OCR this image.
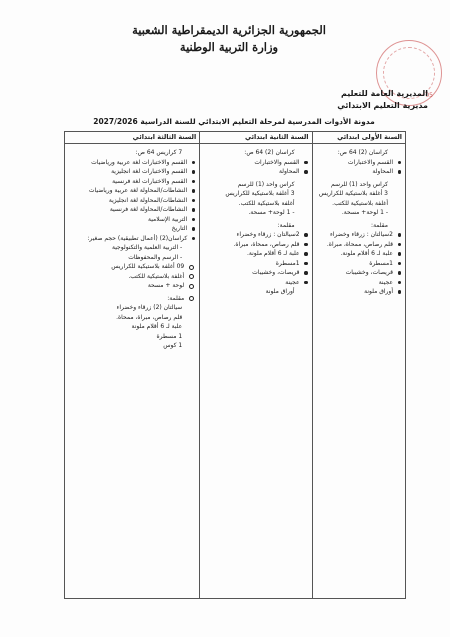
الجمهورية الجزائرية الديمقراطية الشعبية
وزارة التربية الوطنية
05
المديرية العامة للتعليم
مديرية التعليم الابتدائي
مدونة الأدوات المدرسية لمرحلة التعليم الابتدائي للسنة الدراسية 2027/2026
السنة الأولى ابتدائي
كراسان (2) 64 ص:
القسم والاختبارات
المحاولة
كراس واحد (1) للرسم
3 أغلفة بلاستيكية للكراريس
أغلفة بلاستيكية للكتب.
- 1 لوحة+ مسحة.
مقلمة:
2سيالتان : زرقاء وخضراء
قلم رصاص، ممحاة، مبراة.
علبة لـ 6 أقلام ملونة.
1مسطرة
قريصات، وخشيبات
عجينة
أوراق ملونة
السنة الثانية ابتدائي
كراسان (2) 64 ص:
القسم والاختبارات
المحاولة
كراس واحد (1) للرسم
3 أغلفة بلاستيكية للكراريس
أغلفة بلاستيكية للكتب.
- 1 لوحة+ مسحة.
مقلمة:
2سيالتان : زرقاء وخضراء
قلم رصاص، ممحاة، مبراة.
علبة لـ 6 أقلام ملونة.
1مسطرة
قريصات، وخشيبات
عجينة
أوراق ملونة
السنة الثالثة ابتدائي
7 كراريس 64 ص:
القسم والاختبارات لغة عربية ورياضيات
القسم والاختبارات لغة انجليزية
القسم والاختبارات لغة فرنسية
النشاطات/المحاولة لغة عربية ورياضيات
النشاطات/المحاولة لغة انجليزية
النشاطات/المحاولة لغة فرنسية
التربية الإسلامية
التاريخ
كراسان(2) (أعمال تطبيقية) حجم صغير:
- التربية العلمية والتكنولوجية
- الرسم والمحفوظات
09 أغلفة بلاستيكية للكراريس
أغلفة بلاستيكية للكتب.
لوحة + مسحة
مقلمة:
سيالتان (2) زرقاء وخضراء
قلم رصاص، مبراة، ممحاة.
علبة لـ 6 أقلام ملونة
1 مسطرة
1 كوس
